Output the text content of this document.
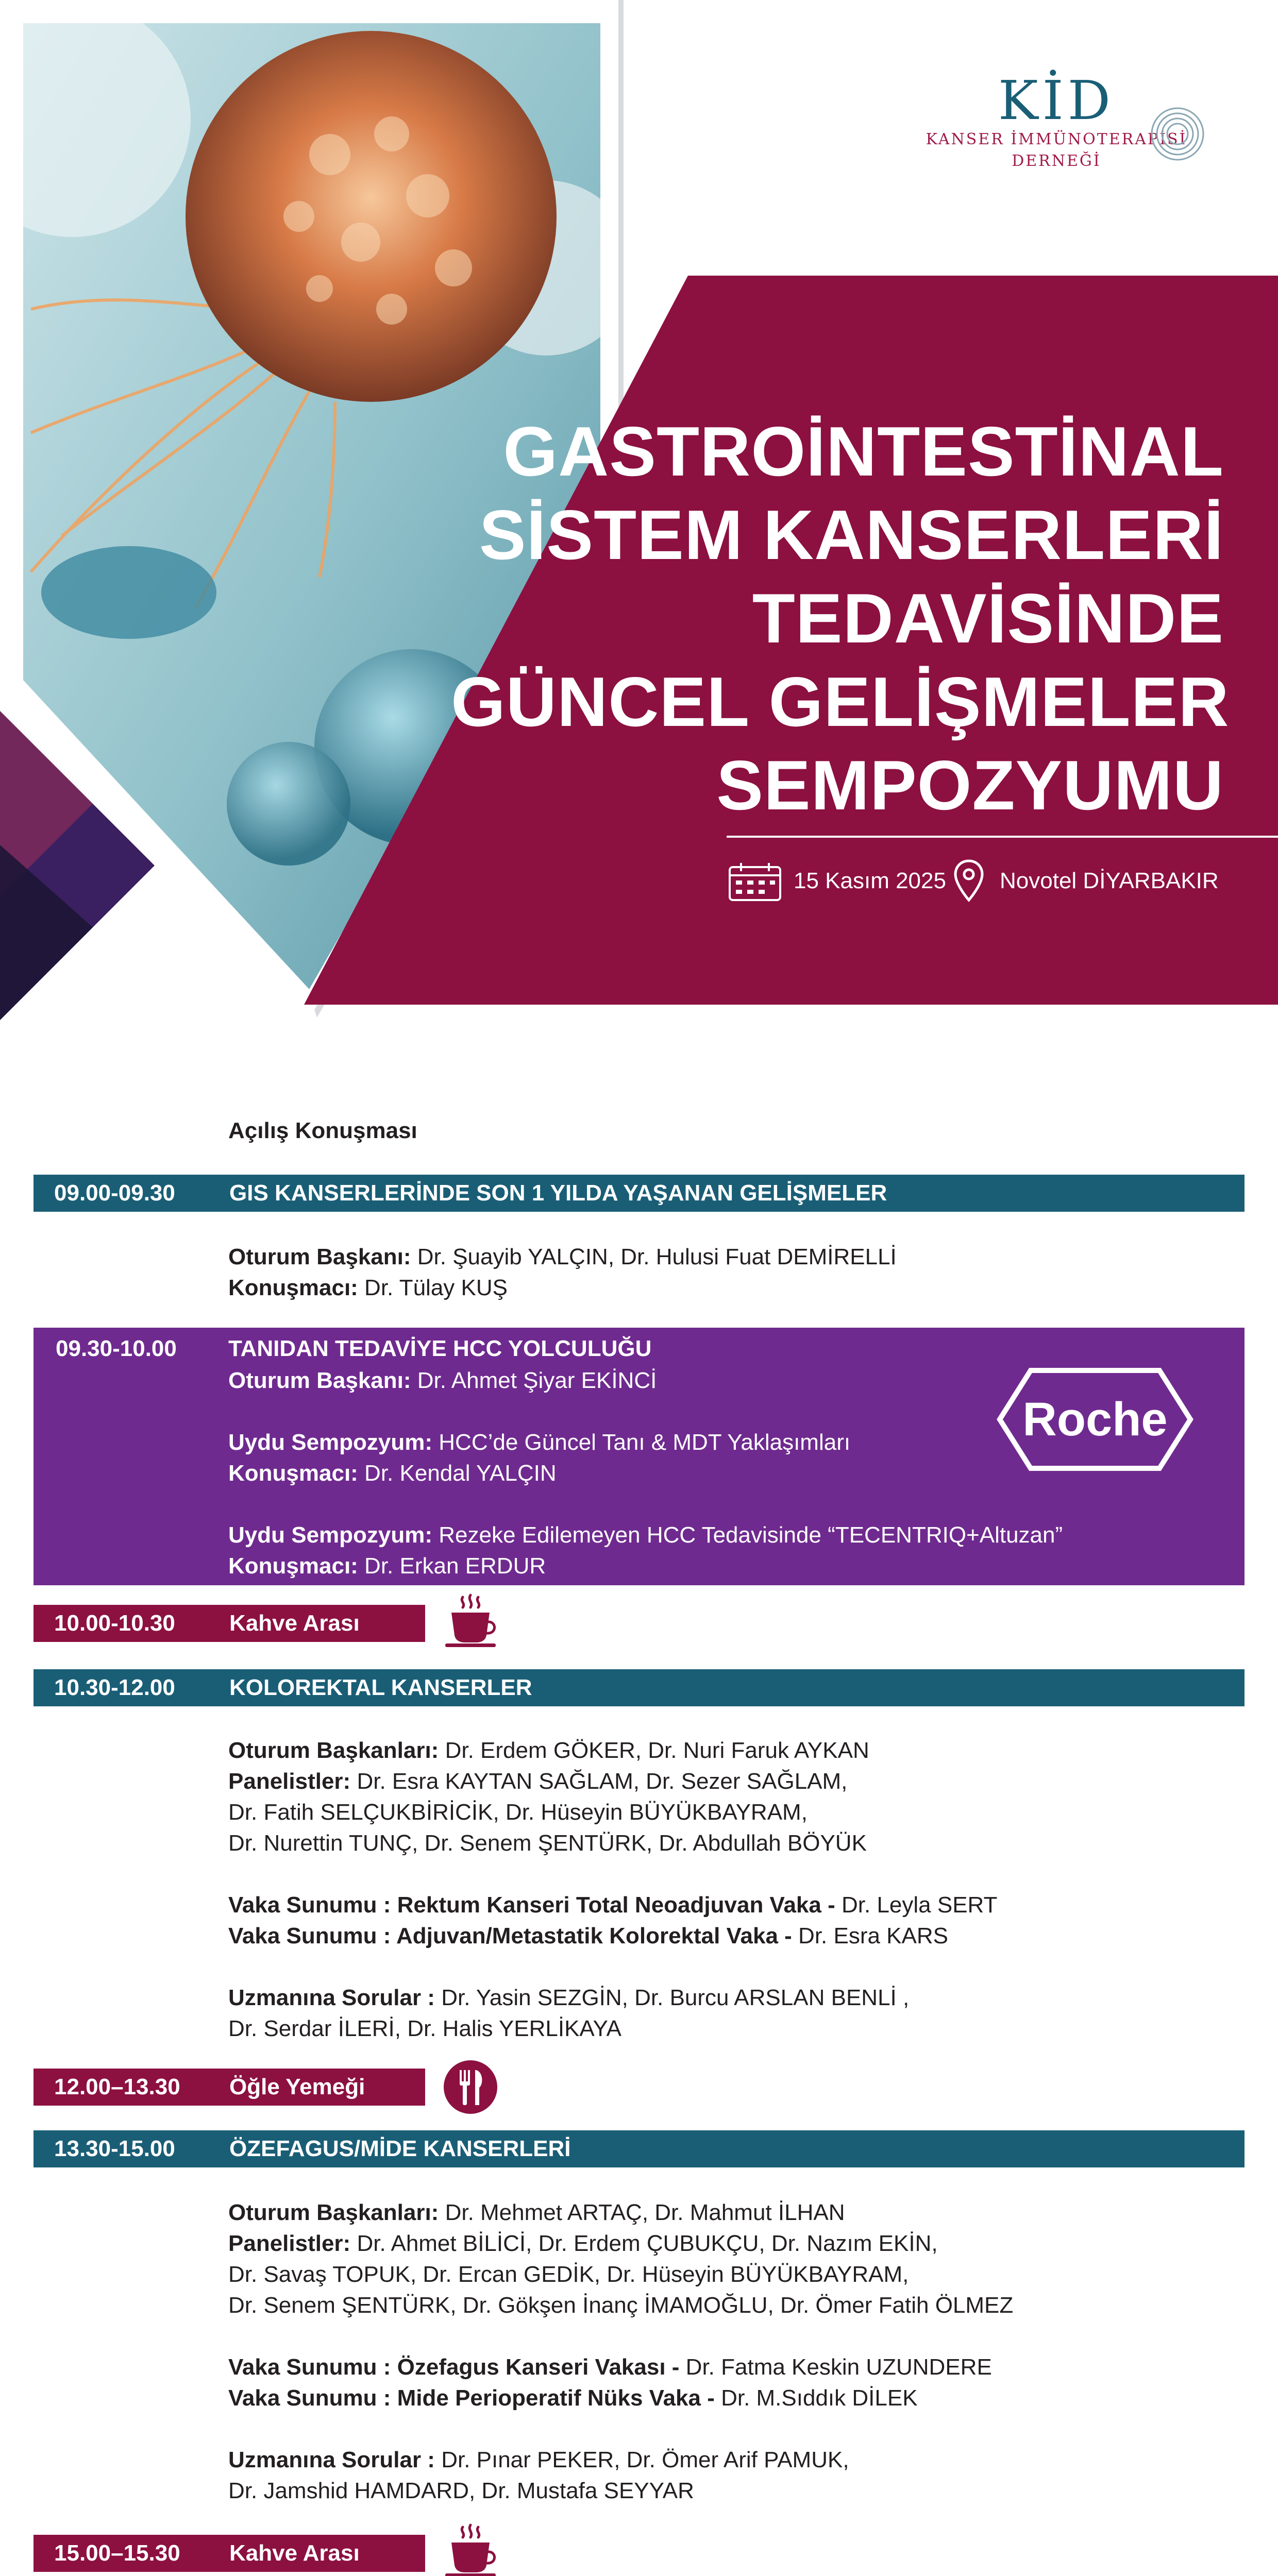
KİD
KANSER İMMÜNOTERAPİSİ
DERNEĞİ
GASTROİNTESTİNAL
SİSTEM KANSERLERİ
TEDAVİSİNDE
GÜNCEL GELİŞMELER
SEMPOZYUMU
15 Kasım 2025 Novotel DİYARBAKIR
Açılış Konuşması
09.00-09.30 GIS KANSERLERİNDE SON 1 YILDA YAŞANAN GELİŞMELER
Oturum Başkanı: Dr. Şuayib YALÇIN, Dr. Hulusi Fuat DEMİRELLİ
Konuşmacı: Dr. Tülay KUŞ
09.30-10.00 TANIDAN TEDAVİYE HCC YOLCULUĞU
Oturum Başkanı: Dr. Ahmet Şiyar EKİNCİ
Uydu Sempozyum: HCC’de Güncel Tanı & MDT Yaklaşımları
Konuşmacı: Dr. Kendal YALÇIN
Uydu Sempozyum: Rezeke Edilemeyen HCC Tedavisinde “TECENTRIQ+Altuzan”
Konuşmacı: Dr. Erkan ERDUR
Roche
10.00-10.30 Kahve Arası
10.30-12.00 KOLOREKTAL KANSERLER
Oturum Başkanları: Dr. Erdem GÖKER, Dr. Nuri Faruk AYKAN
Panelistler: Dr. Esra KAYTAN SAĞLAM, Dr. Sezer SAĞLAM,
Dr. Fatih SELÇUKBİRİCİK, Dr. Hüseyin BÜYÜKBAYRAM,
Dr. Nurettin TUNÇ, Dr. Senem ŞENTÜRK, Dr. Abdullah BÖYÜK
Vaka Sunumu : Rektum Kanseri Total Neoadjuvan Vaka - Dr. Leyla SERT
Vaka Sunumu : Adjuvan/Metastatik Kolorektal Vaka - Dr. Esra KARS
Uzmanına Sorular : Dr. Yasin SEZGİN, Dr. Burcu ARSLAN BENLİ ,
Dr. Serdar İLERİ, Dr. Halis YERLİKAYA
12.00–13.30 Öğle Yemeği
13.30-15.00 ÖZEFAGUS/MİDE KANSERLERİ
Oturum Başkanları: Dr. Mehmet ARTAÇ, Dr. Mahmut İLHAN
Panelistler: Dr. Ahmet BİLİCİ, Dr. Erdem ÇUBUKÇU, Dr. Nazım EKİN,
Dr. Savaş TOPUK, Dr. Ercan GEDİK, Dr. Hüseyin BÜYÜKBAYRAM,
Dr. Senem ŞENTÜRK, Dr. Gökşen İnanç İMAMOĞLU, Dr. Ömer Fatih ÖLMEZ
Vaka Sunumu : Özefagus Kanseri Vakası - Dr. Fatma Keskin UZUNDERE
Vaka Sunumu : Mide Perioperatif Nüks Vaka - Dr. M.Sıddık DİLEK
Uzmanına Sorular : Dr. Pınar PEKER, Dr. Ömer Arif PAMUK,
Dr. Jamshid HAMDARD, Dr. Mustafa SEYYAR
15.00–15.30 Kahve Arası
